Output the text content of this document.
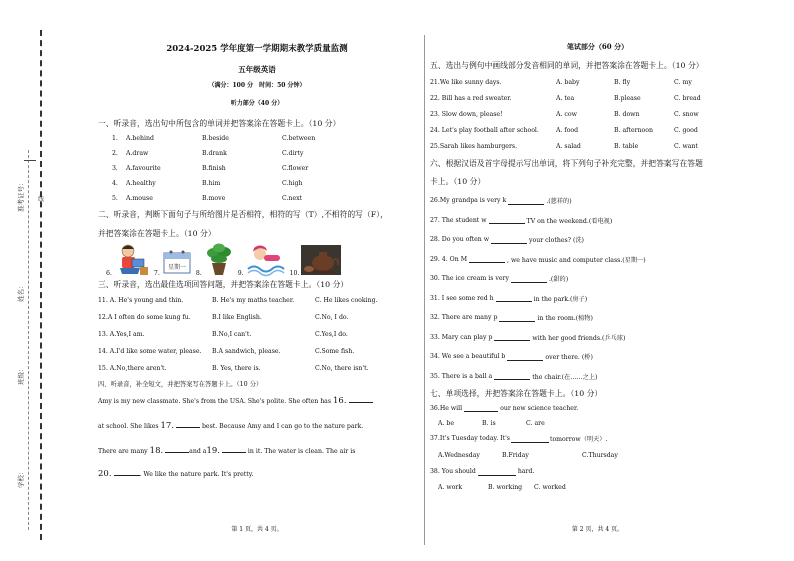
准考证号： 线
姓名：
班级：
学校：
2024-2025 学年度第一学期期末教学质量监测
五年级英语
（满分：100 分　时间：50 分钟）
听力部分（40 分）
一、听录音，选出句中所包含的单词并把答案涂在答题卡上。（10 分）
1.	A.behind	B.beside	C.between
2.	A.draw	B.drank	C.dirty
3.	A.favourite	B.finish	C.flower
4.	A.healthy	B.him	C.high
5.	A.mouse	B.move	C.next
二、听录音，判断下面句子与所给图片是否相符，相符的写（T）,不相符的写（F），
并把答案涂在答题卡上。（10 分）
6.	7.
星期一
8.	9.	10.
三、听录音，选出最佳选项回答问题，并把答案涂在答题卡上。（10 分）
11. A. He's young and thin.	B. He's my maths teacher.	C. He likes cooking.
12.A I often do some kung fu.	B.I like English.	C.No, I do.
13. A.Yes,I am.	B.No,I can't.	C.Yes,I do.
14. A.I'd like some water, please.	B.A sandwich, please.	C.Some fish.
15. A.No,there aren't.	B. Yes, there is.	C.No, there isn't.
四、听录音，补全短文，并把答案写在答题卡上。（10 分）
Amy is my new classmate. She's from the USA. She's polite. She often has 16.
at school. She likes 17.	best. Because Amy and I can go to the nature park.
There are many 18.	and a19.	in it. The water is clean. The air is
20.	. We like the nature park. It's pretty.
第 1 页，共 4 页。
笔试部分（60 分）
五、选出与例句中画线部分发音相同的单词，并把答案涂在答题卡上。（10 分）
21.We like sunny days.	A. baby	B. fly	C. my
22. Bill has a red sweater.	A. tea	B.please	C. bread
23. Slow down, please!	A. cow	B. down	C. snow
24. Let's play football after school.	A. food	B. afternoon	C. good
25.Sarah likes hamburgers.	A. salad	B. table	C. want
六、根据汉语及首字母提示写出单词，将下列句子补充完整，并把答案写在答题
卡上。（10 分）
26.My grandpa is very k	.(慈祥的)
27. The student w	TV on the weekend.(看电视)
28. Do you often w	your clothes? (洗)
29. 4. On M	, we have music and computer class.(星期一)
30. The ice cream is very	.(甜的)
31. I see some red h	in the park.(房子)
32. There are many p	in the room.(植物)
33. Mary can play p	with her good friends.(乒乓球)
34. We see a beautiful b	over there. (桥)
35. There is a ball a	the chair.(在……之上)
七、单项选择，并把答案涂在答题卡上。（10 分）
36.He will	our new science teacher.
A. be	B. is	C. are
37.It's Tuesday today. It's	tomorrow（明天）.
A.Wednesday	B.Friday	C.Thursday
38. You should	hard.
A. work	B. working	C. worked
第 2 页，共 4 页。
